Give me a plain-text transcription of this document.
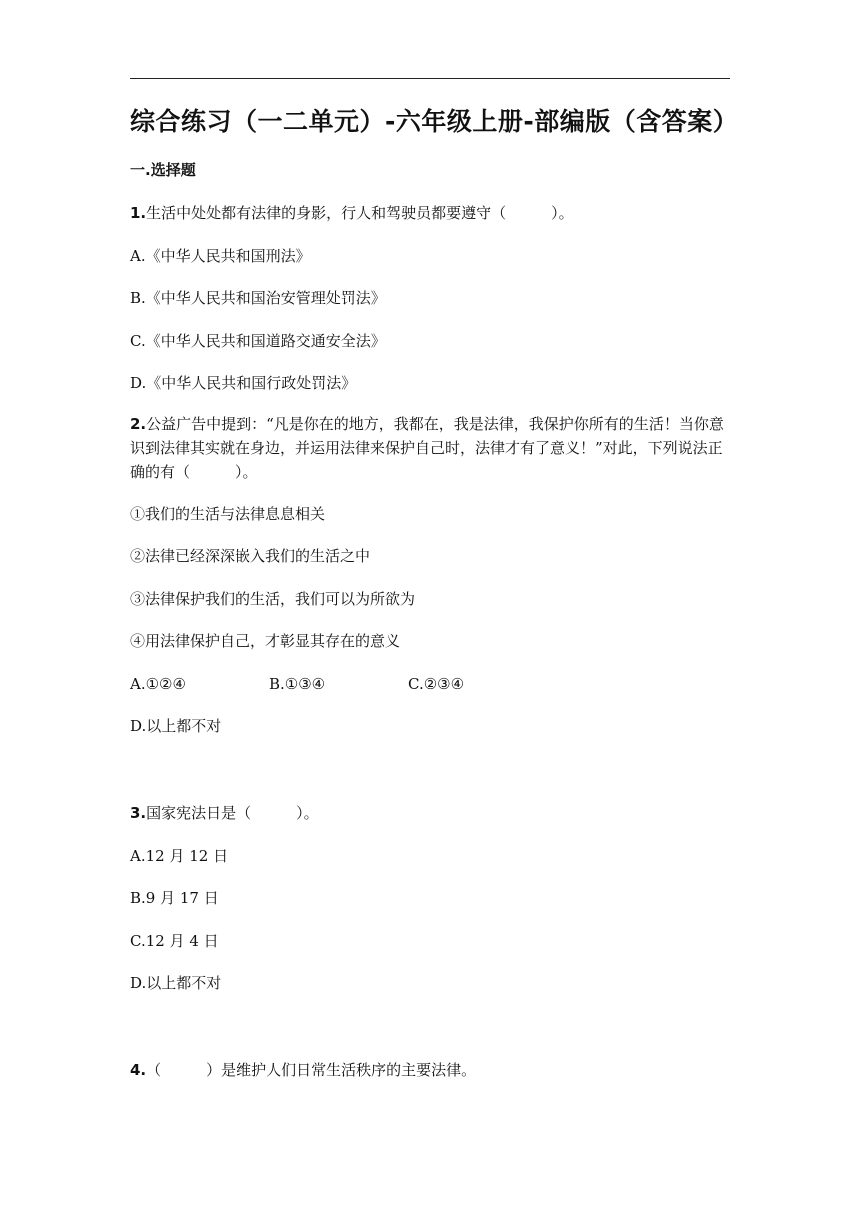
综合练习（一二单元）-六年级上册-部编版（含答案）
一.选择题
1.生活中处处都有法律的身影，行人和驾驶员都要遵守（　　　）。
A.《中华人民共和国刑法》
B.《中华人民共和国治安管理处罚法》
C.《中华人民共和国道路交通安全法》
D.《中华人民共和国行政处罚法》
2.公益广告中提到：“凡是你在的地方，我都在，我是法律，我保护你所有的生活！当你意识到法律其实就在身边，并运用法律来保护自己时，法律才有了意义！”对此，下列说法正确的有（　　　）。
①我们的生活与法律息息相关
②法律已经深深嵌入我们的生活之中
③法律保护我们的生活，我们可以为所欲为
④用法律保护自己，才彰显其存在的意义
A.①②④	B.①③④	C.②③④
D.以上都不对
3.国家宪法日是（　　　）。
A.12 月 12 日
B.9 月 17 日
C.12 月 4 日
D.以上都不对
4.（　　　）是维护人们日常生活秩序的主要法律。
